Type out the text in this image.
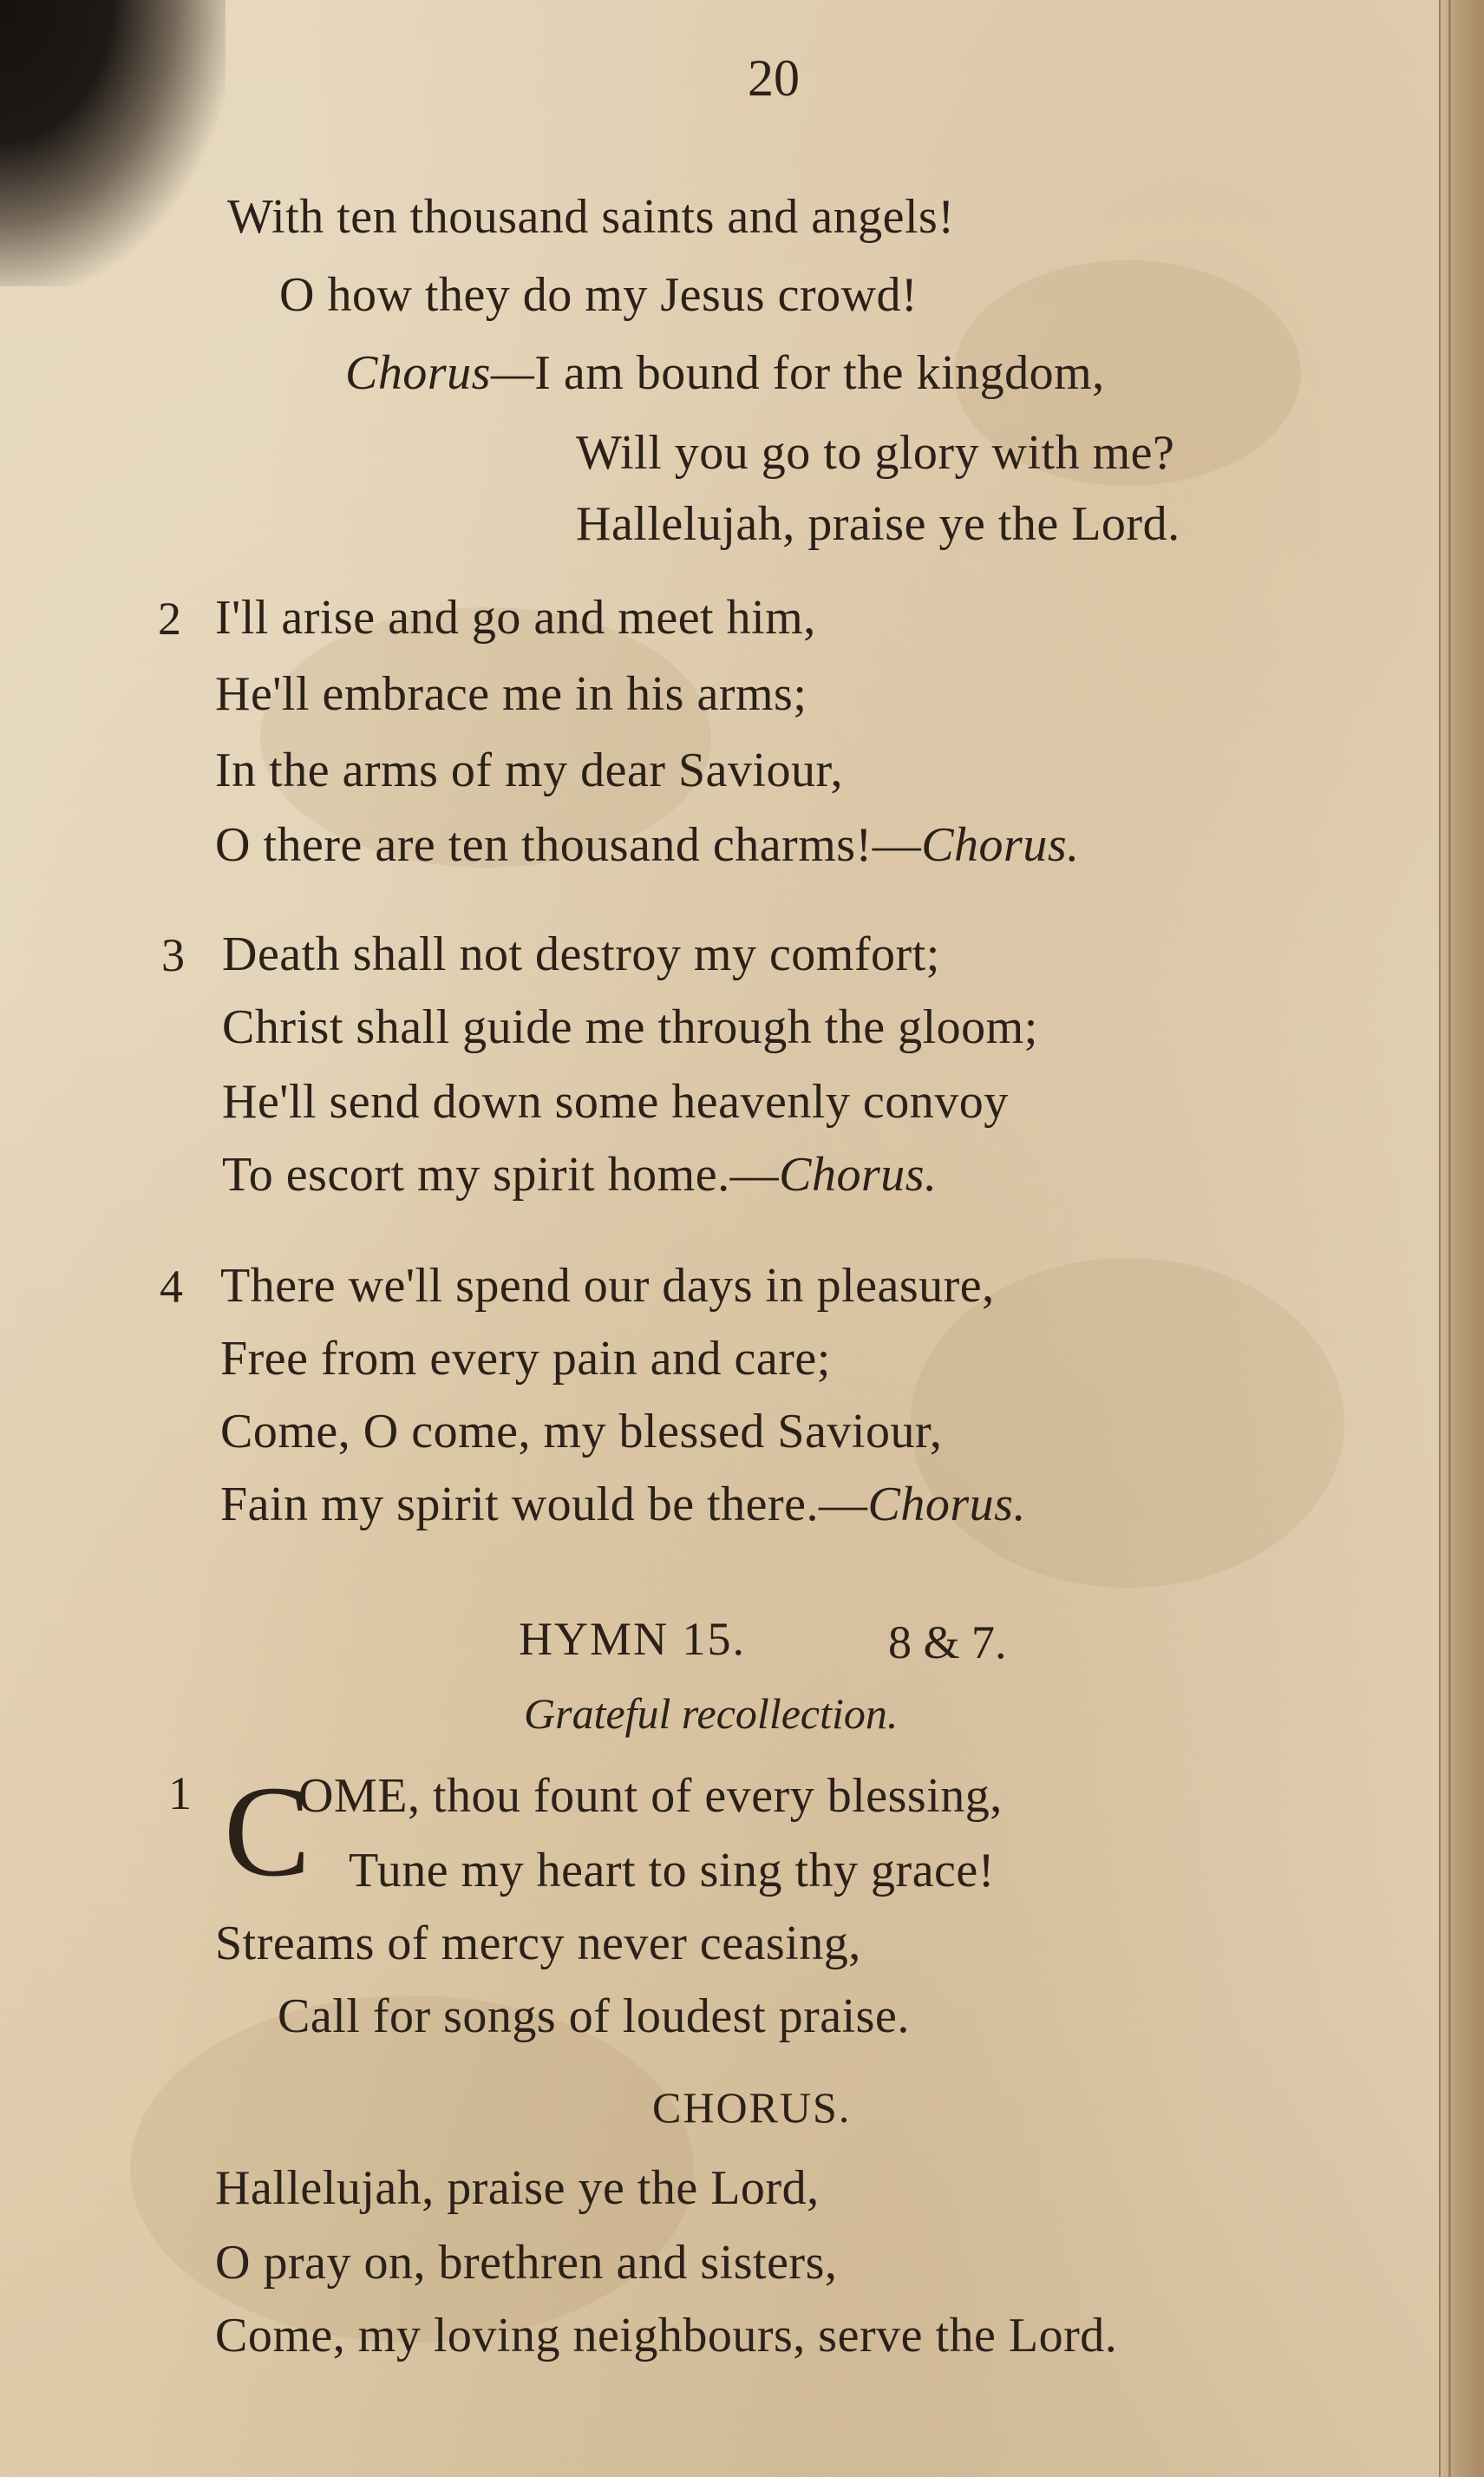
20
With ten thousand saints and angels!
O how they do my Jesus crowd!
Chorus—I am bound for the kingdom,
Will you go to glory with me?
Hallelujah, praise ye the Lord.
2 I'll arise and go and meet him,
He'll embrace me in his arms;
In the arms of my dear Saviour,
O there are ten thousand charms!—Chorus.
3 Death shall not destroy my comfort;
Christ shall guide me through the gloom;
He'll send down some heavenly convoy
To escort my spirit home.—Chorus.
4 There we'll spend our days in pleasure,
Free from every pain and care;
Come, O come, my blessed Saviour,
Fain my spirit would be there.—Chorus.
HYMN 15.	8 & 7.
Grateful recollection.
1 C
OME, thou fount of every blessing,
Tune my heart to sing thy grace!
Streams of mercy never ceasing,
Call for songs of loudest praise.
CHORUS.
Hallelujah, praise ye the Lord,
O pray on, brethren and sisters,
Come, my loving neighbours, serve the Lord.
